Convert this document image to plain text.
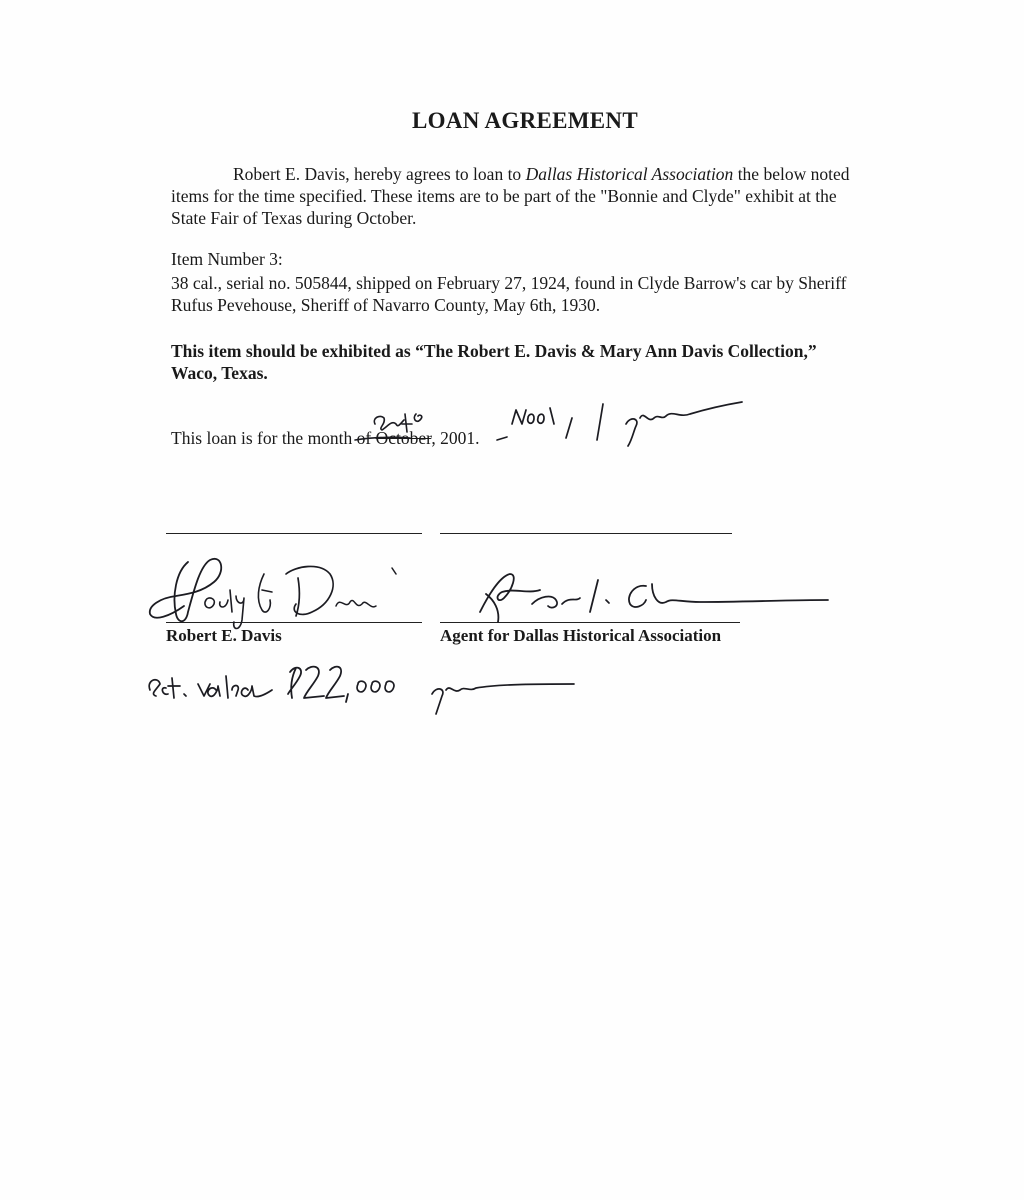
LOAN AGREEMENT
Robert E. Davis, hereby agrees to loan to Dallas Historical Association the below noted
items for the time specified. These items are to be part of the "Bonnie and Clyde" exhibit at the
State Fair of Texas during October.
Item Number 3:
38 cal., serial no. 505844, shipped on February 27, 1924, found in Clyde Barrow's car by Sheriff
Rufus Pevehouse, Sheriff of Navarro County, May 6th, 1930.
This item should be exhibited as “The Robert E. Davis & Mary Ann Davis Collection,”
Waco, Texas.
This loan is for the month of October, 2001.
Robert E. Davis	Agent for Dallas Historical Association
